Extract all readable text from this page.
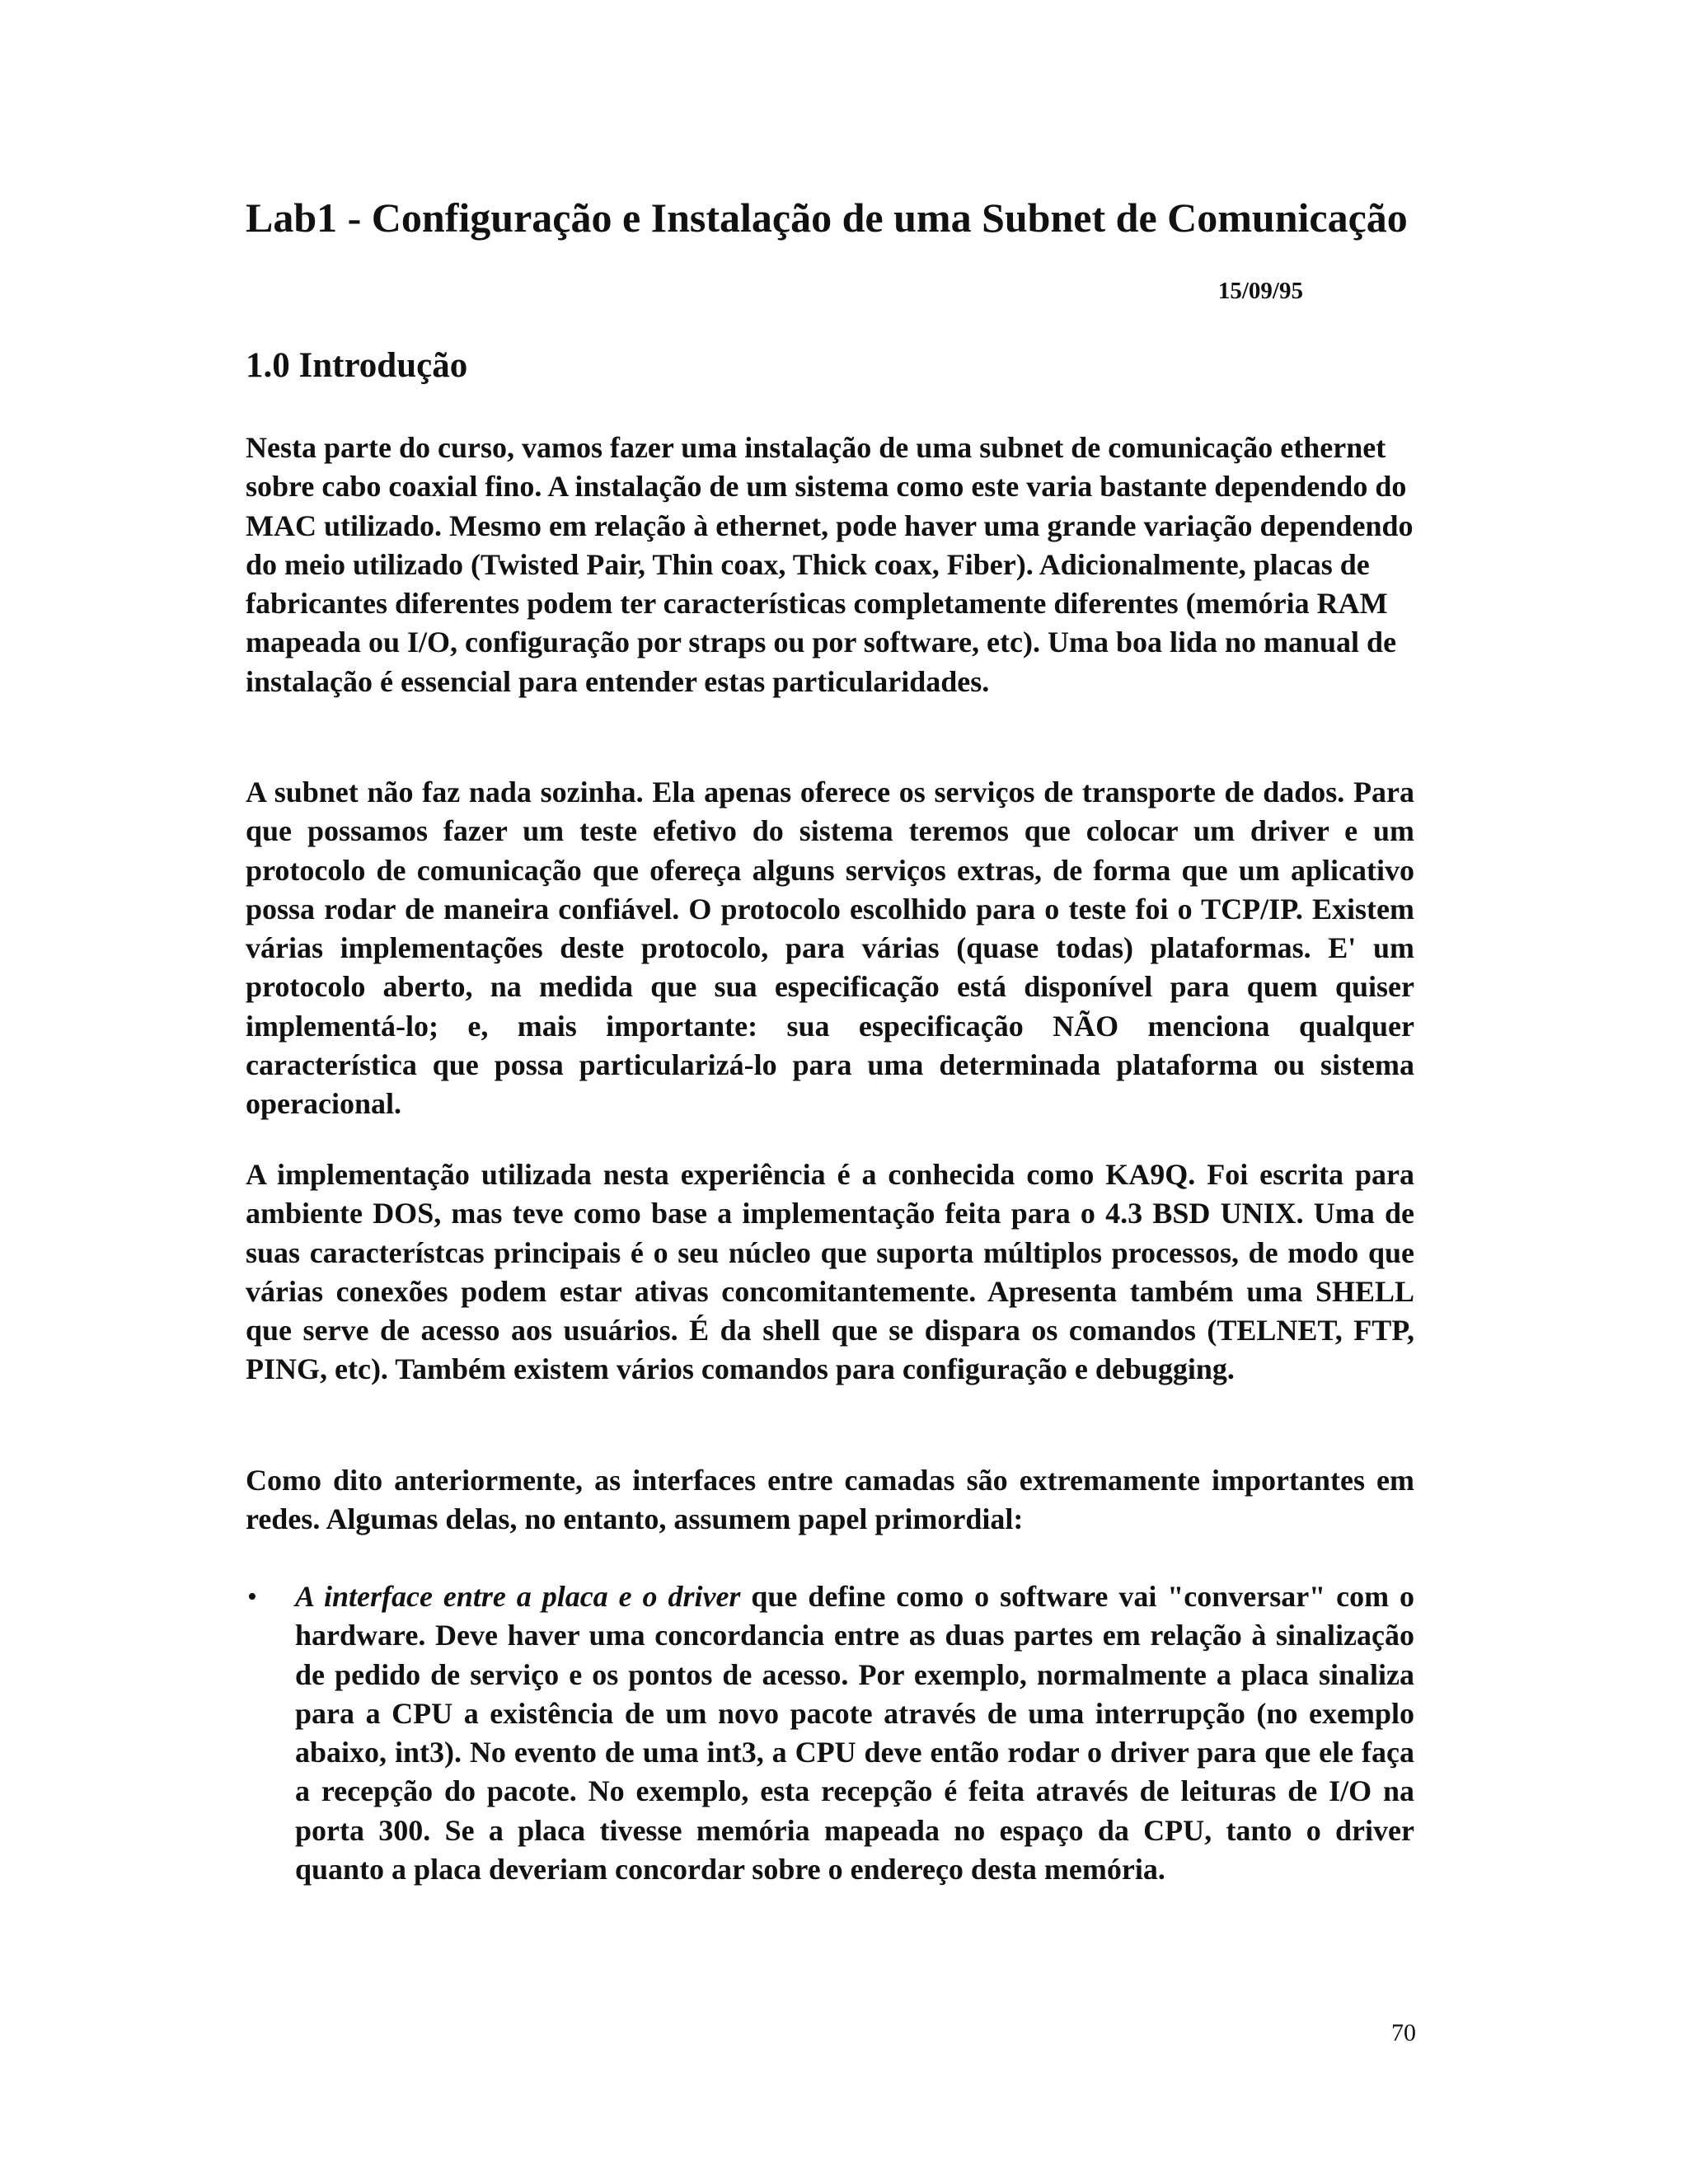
Lab1 - Configuração e Instalação de uma Subnet de Comunicação
15/09/95
1.0 Introdução

Nesta parte do curso, vamos fazer uma instalação de uma subnet de comunicação ethernet sobre cabo coaxial fino. A instalação de um sistema como este varia bastante dependendo do MAC utilizado. Mesmo em relação à ethernet, pode haver uma grande variação dependendo do meio utilizado (Twisted Pair, Thin coax, Thick coax, Fiber). Adicionalmente, placas de fabricantes diferentes podem ter características completamente diferentes (memória RAM mapeada ou I/O, configuração por straps ou por software, etc). Uma boa lida no manual de instalação é essencial para entender estas particularidades.

A subnet não faz nada sozinha. Ela apenas oferece os serviços de transporte de dados. Para que possamos fazer um teste efetivo do sistema teremos que colocar um driver e um protocolo de comunicação que ofereça alguns serviços extras, de forma que um aplicativo possa rodar de maneira confiável. O protocolo escolhido para o teste foi o TCP/IP. Existem várias implementações deste protocolo, para várias (quase todas) plataformas. E' um protocolo aberto, na medida que sua especificação está disponível para quem quiser implementá-lo; e, mais importante: sua especificação NÃO menciona qualquer característica que possa particularizá-lo para uma determinada plataforma ou sistema operacional.

A implementação utilizada nesta experiência é a conhecida como KA9Q. Foi escrita para ambiente DOS, mas teve como base a implementação feita para o 4.3 BSD UNIX. Uma de suas característcas principais é o seu núcleo que suporta múltiplos processos, de modo que várias conexões podem estar ativas concomitantemente. Apresenta também uma SHELL que serve de acesso aos usuários. É da shell que se dispara os comandos (TELNET, FTP, PING, etc). Também existem vários comandos para configuração e debugging.

Como dito anteriormente, as interfaces entre camadas são extremamente importantes em redes. Algumas delas, no entanto, assumem papel primordial:

• A interface entre a placa e o driver que define como o software vai "conversar" com o hardware. Deve haver uma concordancia entre as duas partes em relação à sinalização de pedido de serviço e os pontos de acesso. Por exemplo, normalmente a placa sinaliza para a CPU a existência de um novo pacote através de uma interrupção (no exemplo abaixo, int3). No evento de uma int3, a CPU deve então rodar o driver para que ele faça a recepção do pacote. No exemplo, esta recepção é feita através de leituras de I/O na porta 300. Se a placa tivesse memória mapeada no espaço da CPU, tanto o driver quanto a placa deveriam concordar sobre o endereço desta memória.
70
